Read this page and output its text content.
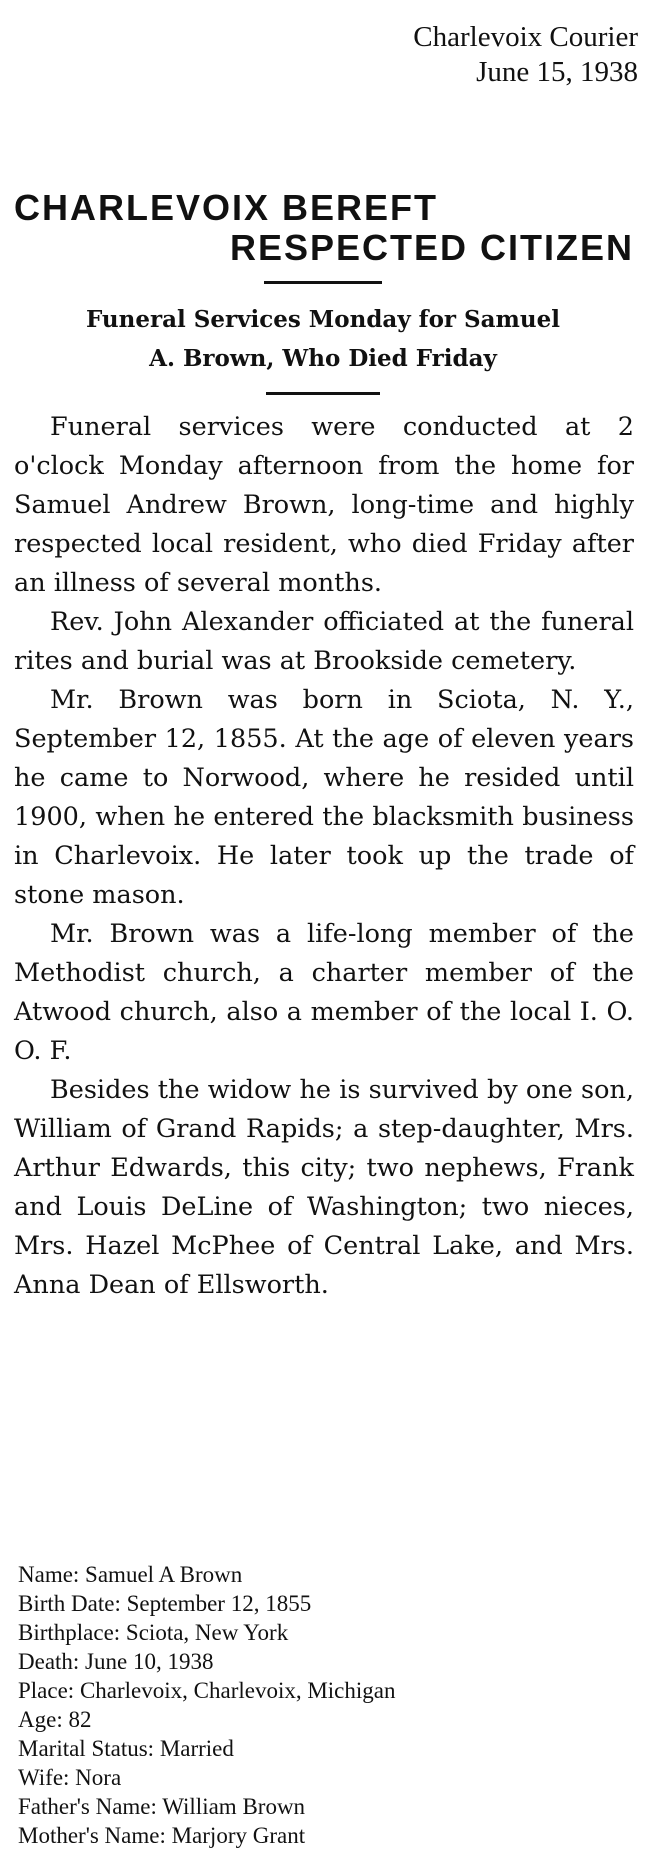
Charlevoix Courier
June 15, 1938
CHARLEVOIX BEREFT
RESPECTED CITIZEN
Funeral Services Monday for Samuel
A. Brown, Who Died Friday

Funeral services were conducted at 2 o'clock Monday afternoon from the home for Samuel Andrew Brown, long-time and highly respected local resident, who died Friday after an illness of several months.

Rev. John Alexander officiated at the funeral rites and burial was at Brookside cemetery.

Mr. Brown was born in Sciota, N. Y., September 12, 1855. At the age of eleven years he came to Norwood, where he resided until 1900, when he entered the blacksmith business in Charlevoix. He later took up the trade of stone mason.

Mr. Brown was a life-long member of the Methodist church, a charter member of the Atwood church, also a member of the local I. O. O. F.

Besides the widow he is survived by one son, William of Grand Rapids; a step-daughter, Mrs. Arthur Edwards, this city; two nephews, Frank and Louis DeLine of Washington; two nieces, Mrs. Hazel McPhee of Central Lake, and Mrs. Anna Dean of Ellsworth.

Name: Samuel A Brown
Birth Date: September 12, 1855
Birthplace: Sciota, New York
Death: June 10, 1938
Place: Charlevoix, Charlevoix, Michigan
Age: 82
Marital Status: Married
Wife: Nora
Father's Name: William Brown
Mother's Name: Marjory Grant
